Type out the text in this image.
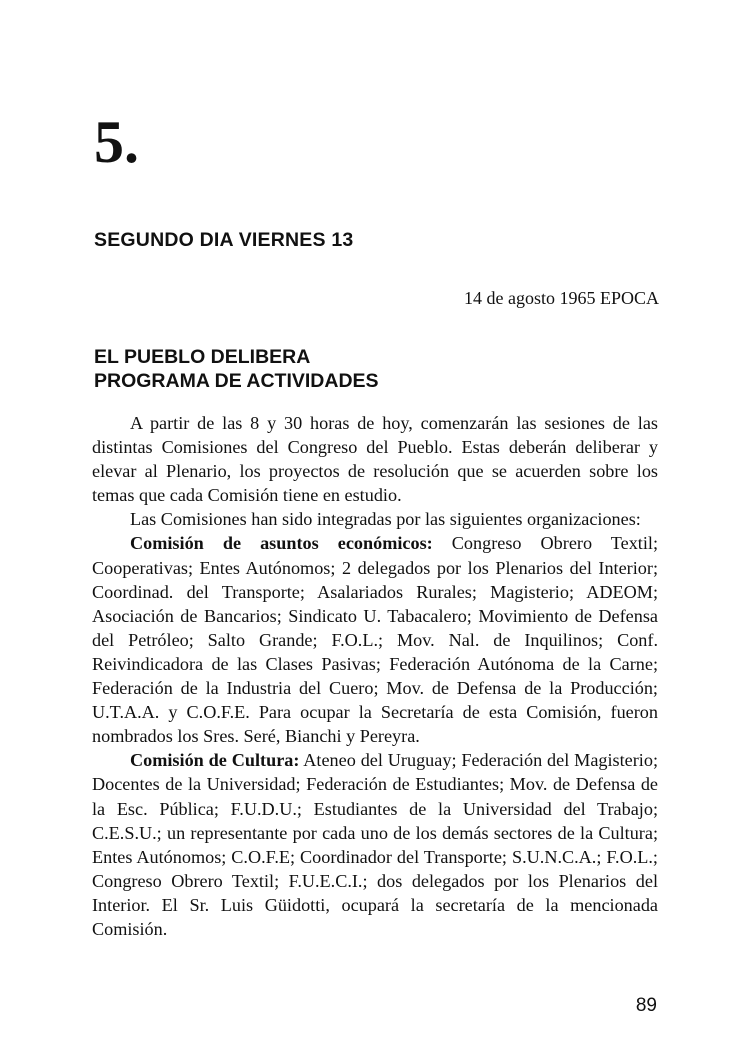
5.
SEGUNDO DIA VIERNES 13
14 de agosto 1965 EPOCA
EL PUEBLO DELIBERA
PROGRAMA DE ACTIVIDADES

A partir de las 8 y 30 horas de hoy, comenzarán las sesiones de las distintas Comisiones del Congreso del Pueblo. Estas deberán deliberar y elevar al Plenario, los proyectos de resolución que se acuerden sobre los temas que cada Comisión tiene en estudio.

Las Comisiones han sido integradas por las siguientes organizaciones:

Comisión de asuntos económicos: Congreso Obrero Textil; Cooperativas; Entes Autónomos; 2 delegados por los Plenarios del Interior; Coordinad. del Transporte; Asalariados Rurales; Magisterio; ADEOM; Asociación de Bancarios; Sindicato U. Tabacalero; Movimiento de Defensa del Petróleo; Salto Grande; F.O.L.; Mov. Nal. de Inquilinos; Conf. Reivindicadora de las Clases Pasivas; Federación Autónoma de la Carne; Federación de la Industria del Cuero; Mov. de Defensa de la Producción; U.T.A.A. y C.O.F.E. Para ocupar la Secretaría de esta Comisión, fueron nombrados los Sres. Seré, Bianchi y Pereyra.

Comisión de Cultura: Ateneo del Uruguay; Federación del Magisterio; Docentes de la Universidad; Federación de Estudiantes; Mov. de Defensa de la Esc. Pública; F.U.D.U.; Estudiantes de la Universidad del Trabajo; C.E.S.U.; un representante por cada uno de los demás sectores de la Cultura; Entes Autónomos; C.O.F.E; Coordinador del Transporte; S.U.N.C.A.; F.O.L.; Congreso Obrero Textil; F.U.E.C.I.; dos delegados por los Plenarios del Interior. El Sr. Luis Güidotti, ocupará la secretaría de la mencionada Comisión.

89
